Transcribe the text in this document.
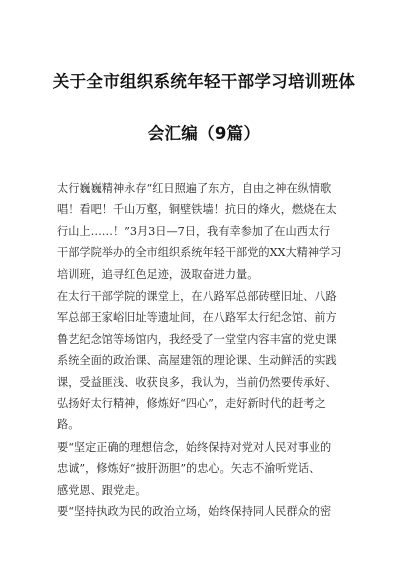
关于全市组织系统年轻干部学习培训班体
会汇编（9篇）
太行巍巍精神永存“红日照遍了东方，自由之神在纵情歌
唱！看吧！千山万壑，铜壁铁墙！抗日的烽火，燃烧在太
行山上……！”3月3日—7日，我有幸参加了在山西太行
干部学院举办的全市组织系统年轻干部党的XX大精神学习
培训班，追寻红色足迹，汲取奋进力量。
在太行干部学院的课堂上，在八路军总部砖壁旧址、八路
军总部王家峪旧址等遗址间，在八路军太行纪念馆、前方
鲁艺纪念馆等场馆内，我经受了一堂堂内容丰富的党史课
系统全面的政治课、高屋建瓴的理论课、生动鲜活的实践
课，受益匪浅、收获良多，我认为，当前仍然要传承好、
弘扬好太行精神，修炼好“四心”，走好新时代的赶考之
路。
要“坚定正确的理想信念，始终保持对党对人民对事业的
忠诚”，修炼好“披肝沥胆”的忠心。矢志不渝听党话、
感党恩、跟党走。
要“坚持执政为民的政治立场，始终保持同人民群众的密
